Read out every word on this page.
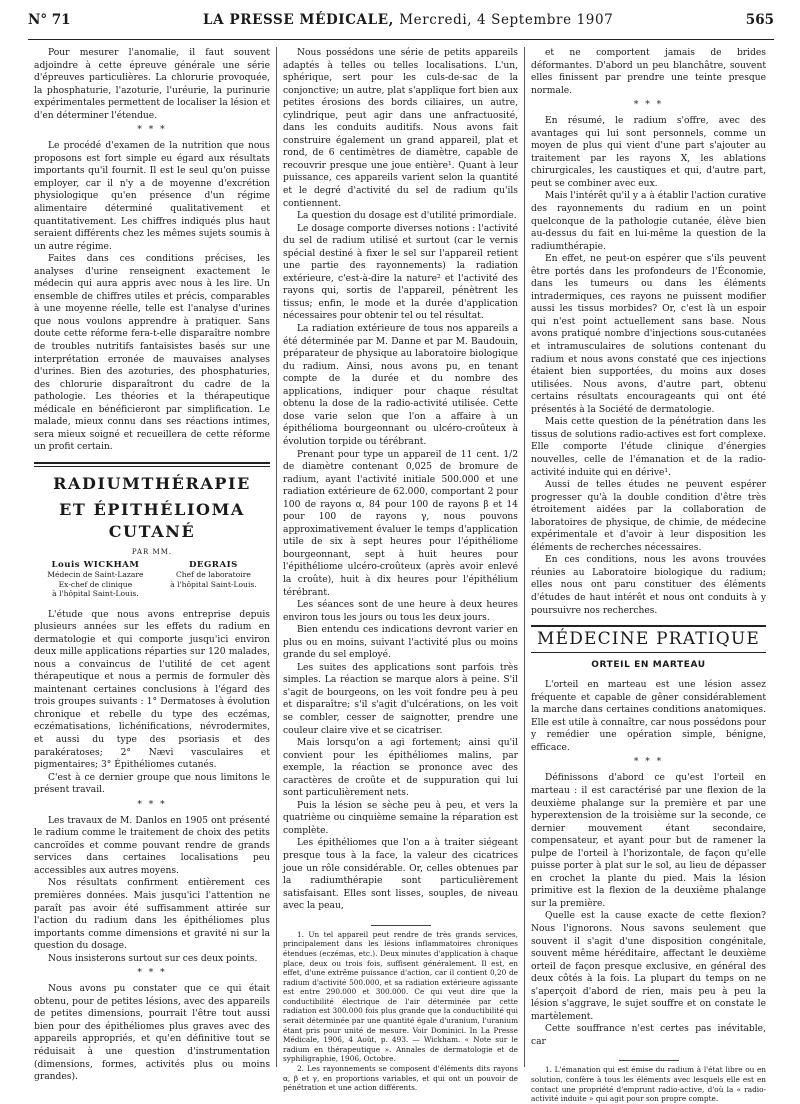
N° 71	LA PRESSE MÉDICALE, Mercredi, 4 Septembre 1907	565

Pour mesurer l'anomalie, il faut souvent adjoindre à cette épreuve générale une série d'épreuves particulières. La chlorurie provoquée, la phosphaturie, l'azoturie, l'uréurie, la purinurie expérimentales permettent de localiser la lésion et d'en déterminer l'étendue.

* * *

Le procédé d'examen de la nutrition que nous proposons est fort simple eu égard aux résultats importants qu'il fournit. Il est le seul qu'on puisse employer, car il n'y a de moyenne d'excrétion physiologique qu'en présence d'un régime alimentaire déterminé qualitativement et quantitativement. Les chiffres indiqués plus haut seraient différents chez les mêmes sujets soumis à un autre régime.

Faites dans ces conditions précises, les analyses d'urine renseignent exactement le médecin qui aura appris avec nous à les lire. Un ensemble de chiffres utiles et précis, comparables à une moyenne réelle, telle est l'analyse d'urines que nous voulons apprendre à pratiquer. Sans doute cette réforme fera-t-elle disparaître nombre de troubles nutritifs fantaisistes basés sur une interprétation erronée de mauvaises analyses d'urines. Bien des azoturies, des phosphaturies, des chlorurie disparaîtront du cadre de la pathologie. Les théories et la thérapeutique médicale en bénéficieront par simplification. Le malade, mieux connu dans ses réactions intimes, sera mieux soigné et recueillera de cette réforme un profit certain.

RADIUMTHÉRAPIE
ET ÉPITHÉLIOMA CUTANÉ
PAR MM.
Louis WICKHAM
Médecin de Saint-Lazare
Ex-chef de clinique
à l'hôpital Saint-Louis.
DEGRAIS
Chef de laboratoire
à l'hôpital Saint-Louis.

L'étude que nous avons entreprise depuis plusieurs années sur les effets du radium en dermatologie et qui comporte jusqu'ici environ deux mille applications réparties sur 120 malades, nous a convaincus de l'utilité de cet agent thérapeutique et nous a permis de formuler dès maintenant certaines conclusions à l'égard des trois groupes suivants : 1° Dermatoses à évolution chronique et rebelle du type des eczémas, eczématisations, lichénifications, névrodermites, et aussi du type des psoriasis et des parakératoses; 2° Nævi vasculaires et pigmentaires; 3° Épithéliomes cutanés.

C'est à ce dernier groupe que nous limitons le présent travail.

* * *

Les travaux de M. Danlos en 1905 ont présenté le radium comme le traitement de choix des petits cancroïdes et comme pouvant rendre de grands services dans certaines localisations peu accessibles aux autres moyens.

Nos résultats confirment entièrement ces premières données. Mais jusqu'ici l'attention ne paraît pas avoir été suffisamment attirée sur l'action du radium dans les épithéliomes plus importants comme dimensions et gravité ni sur la question du dosage.

Nous insisterons surtout sur ces deux points.

* * *

Nous avons pu constater que ce qui était obtenu, pour de petites lésions, avec des appareils de petites dimensions, pourrait l'être tout aussi bien pour des épithéliomes plus graves avec des appareils appropriés, et qu'en définitive tout se réduisait à une question d'instrumentation (dimensions, formes, activités plus ou moins grandes).

Nous possédons une série de petits appareils adaptés à telles ou telles localisations. L'un, sphérique, sert pour les culs-de-sac de la conjonctive; un autre, plat s'applique fort bien aux petites érosions des bords ciliaires, un autre, cylindrique, peut agir dans une anfractuosité, dans les conduits auditifs. Nous avons fait construire également un grand appareil, plat et rond, de 6 centimètres de diamètre, capable de recouvrir presque une joue entière¹. Quant à leur puissance, ces appareils varient selon la quantité et le degré d'activité du sel de radium qu'ils contiennent.

La question du dosage est d'utilité primordiale.

Le dosage comporte diverses notions : l'activité du sel de radium utilisé et surtout (car le vernis spécial destiné à fixer le sel sur l'appareil retient une partie des rayonnements) la radiation extérieure, c'est-à-dire la nature² et l'activité des rayons qui, sortis de l'appareil, pénètrent les tissus; enfin, le mode et la durée d'application nécessaires pour obtenir tel ou tel résultat.

La radiation extérieure de tous nos appareils a été déterminée par M. Danne et par M. Baudouin, préparateur de physique au laboratoire biologique du radium. Ainsi, nous avons pu, en tenant compte de la durée et du nombre des applications, indiquer pour chaque résultat obtenu la dose de la radio-activité utilisée. Cette dose varie selon que l'on a affaire à un épithélioma bourgeonnant ou ulcéro-croûteux à évolution torpide ou térébrant.

Prenant pour type un appareil de 11 cent. 1/2 de diamètre contenant 0,025 de bromure de radium, ayant l'activité initiale 500.000 et une radiation extérieure de 62.000, comportant 2 pour 100 de rayons α, 84 pour 100 de rayons β et 14 pour 100 de rayons γ, nous pouvons approximativement évaluer le temps d'application utile de six à sept heures pour l'épithéliome bourgeonnant, sept à huit heures pour l'épithéliome ulcéro-croûteux (après avoir enlevé la croûte), huit à dix heures pour l'épithélium térébrant.

Les séances sont de une heure à deux heures environ tous les jours ou tous les deux jours.

Bien entendu ces indications devront varier en plus ou en moins, suivant l'activité plus ou moins grande du sel employé.

Les suites des applications sont parfois très simples. La réaction se marque alors à peine. S'il s'agit de bourgeons, on les voit fondre peu à peu et disparaître; s'il s'agit d'ulcérations, on les voit se combler, cesser de saignotter, prendre une couleur claire vive et se cicatriser.

Mais lorsqu'on a agi fortement; ainsi qu'il convient pour les épithéliomes malins, par exemple, la réaction se prononce avec des caractères de croûte et de suppuration qui lui sont particulièrement nets.

Puis la lésion se sèche peu à peu, et vers la quatrième ou cinquième semaine la réparation est complète.

Les épithéliomes que l'on a à traiter siégeant presque tous à la face, la valeur des cicatrices joue un rôle considérable. Or, celles obtenues par la radiumthérapie sont particulièrement satisfaisant. Elles sont lisses, souples, de niveau avec la peau,

1. Un tel appareil peut rendre de très grands services, principalement dans les lésions inflammatoires chroniques étendues (eczémas, etc.). Deux minutes d'application à chaque place, deux ou trois fois, suffisent généralement. Il est, en effet, d'une extrême puissance d'action, car il contient 0,20 de radium d'activité 500.000, et sa radiation extérieure agissante est entre 290.000 et 300.000. Ce qui veut dire que la conductibilité électrique de l'air déterminée par cette radiation est 300.000 fois plus grande que la conductibilité qui serait déterminée par une quantité égale d'uranium, l'uranium étant pris pour unité de mesure. Voir Dominici. In La Presse Médicale, 1906, 4 Août, p. 493. — Wickham. « Note sur le radium en thérapeutique ». Annales de dermatologie et de syphiligraphie, 1906, Octobre.

2. Les rayonnements se composent d'éléments dits rayons α, β et γ, en proportions variables, et qui ont un pouvoir de pénétration et une action différents.

et ne comportent jamais de brides déformantes. D'abord un peu blanchâtre, souvent elles finissent par prendre une teinte presque normale.

* * *

En résumé, le radium s'offre, avec des avantages qui lui sont personnels, comme un moyen de plus qui vient d'une part s'ajouter au traitement par les rayons X, les ablations chirurgicales, les caustiques et qui, d'autre part, peut se combiner avec eux.

Mais l'intérêt qu'il y a à établir l'action curative des rayonnements du radium en un point quelconque de la pathologie cutanée, élève bien au-dessus du fait en lui-même la question de la radiumthérapie.

En effet, ne peut-on espérer que s'ils peuvent être portés dans les profondeurs de l'Économie, dans les tumeurs ou dans les éléments intradermiques, ces rayons ne puissent modifier aussi les tissus morbides? Or, c'est là un espoir qui n'est point actuellement sans base. Nous avons pratiqué nombre d'injections sous-cutanées et intramusculaires de solutions contenant du radium et nous avons constaté que ces injections étaient bien supportées, du moins aux doses utilisées. Nous avons, d'autre part, obtenu certains résultats encourageants qui ont été présentés à la Société de dermatologie.

Mais cette question de la pénétration dans les tissus de solutions radio-actives est fort complexe. Elle comporte l'étude clinique d'énergies nouvelles, celle de l'émanation et de la radio-activité induite qui en dérive¹.

Aussi de telles études ne peuvent espérer progresser qu'à la double condition d'être très étroitement aidées par la collaboration de laboratoires de physique, de chimie, de médecine expérimentale et d'avoir à leur disposition les éléments de recherches nécessaires.

En ces conditions, nous les avons trouvées réunies au Laboratoire biologique du radium; elles nous ont paru constituer des éléments d'études de haut intérêt et nous ont conduits à y poursuivre nos recherches.

MÉDECINE PRATIQUE
ORTEIL EN MARTEAU

L'orteil en marteau est une lésion assez fréquente et capable de gêner considérablement la marche dans certaines conditions anatomiques. Elle est utile à connaître, car nous possédons pour y remédier une opération simple, bénigne, efficace.

* * *

Définissons d'abord ce qu'est l'orteil en marteau : il est caractérisé par une flexion de la deuxième phalange sur la première et par une hyperextension de la troisième sur la seconde, ce dernier mouvement étant secondaire, compensateur, et ayant pour but de ramener la pulpe de l'orteil à l'horizontale, de façon qu'elle puisse porter à plat sur le sol, au lieu de dépasser en crochet la plante du pied. Mais la lésion primitive est la flexion de la deuxième phalange sur la première.

Quelle est la cause exacte de cette flexion? Nous l'ignorons. Nous savons seulement que souvent il s'agit d'une disposition congénitale, souvent même héréditaire, affectant le deuxième orteil de façon presque exclusive, en général des deux côtés à la fois. La plupart du temps on ne s'aperçoit d'abord de rien, mais peu à peu la lésion s'aggrave, le sujet souffre et on constate le martèlement.

Cette souffrance n'est certes pas inévitable, car

1. L'émanation qui est émise du radium à l'état libre ou en solution, confère à tous les éléments avec lesquels elle est en contact une propriété d'emprunt radio-active, d'où la « radio-activité induite » qui agit pour son propre compte.
